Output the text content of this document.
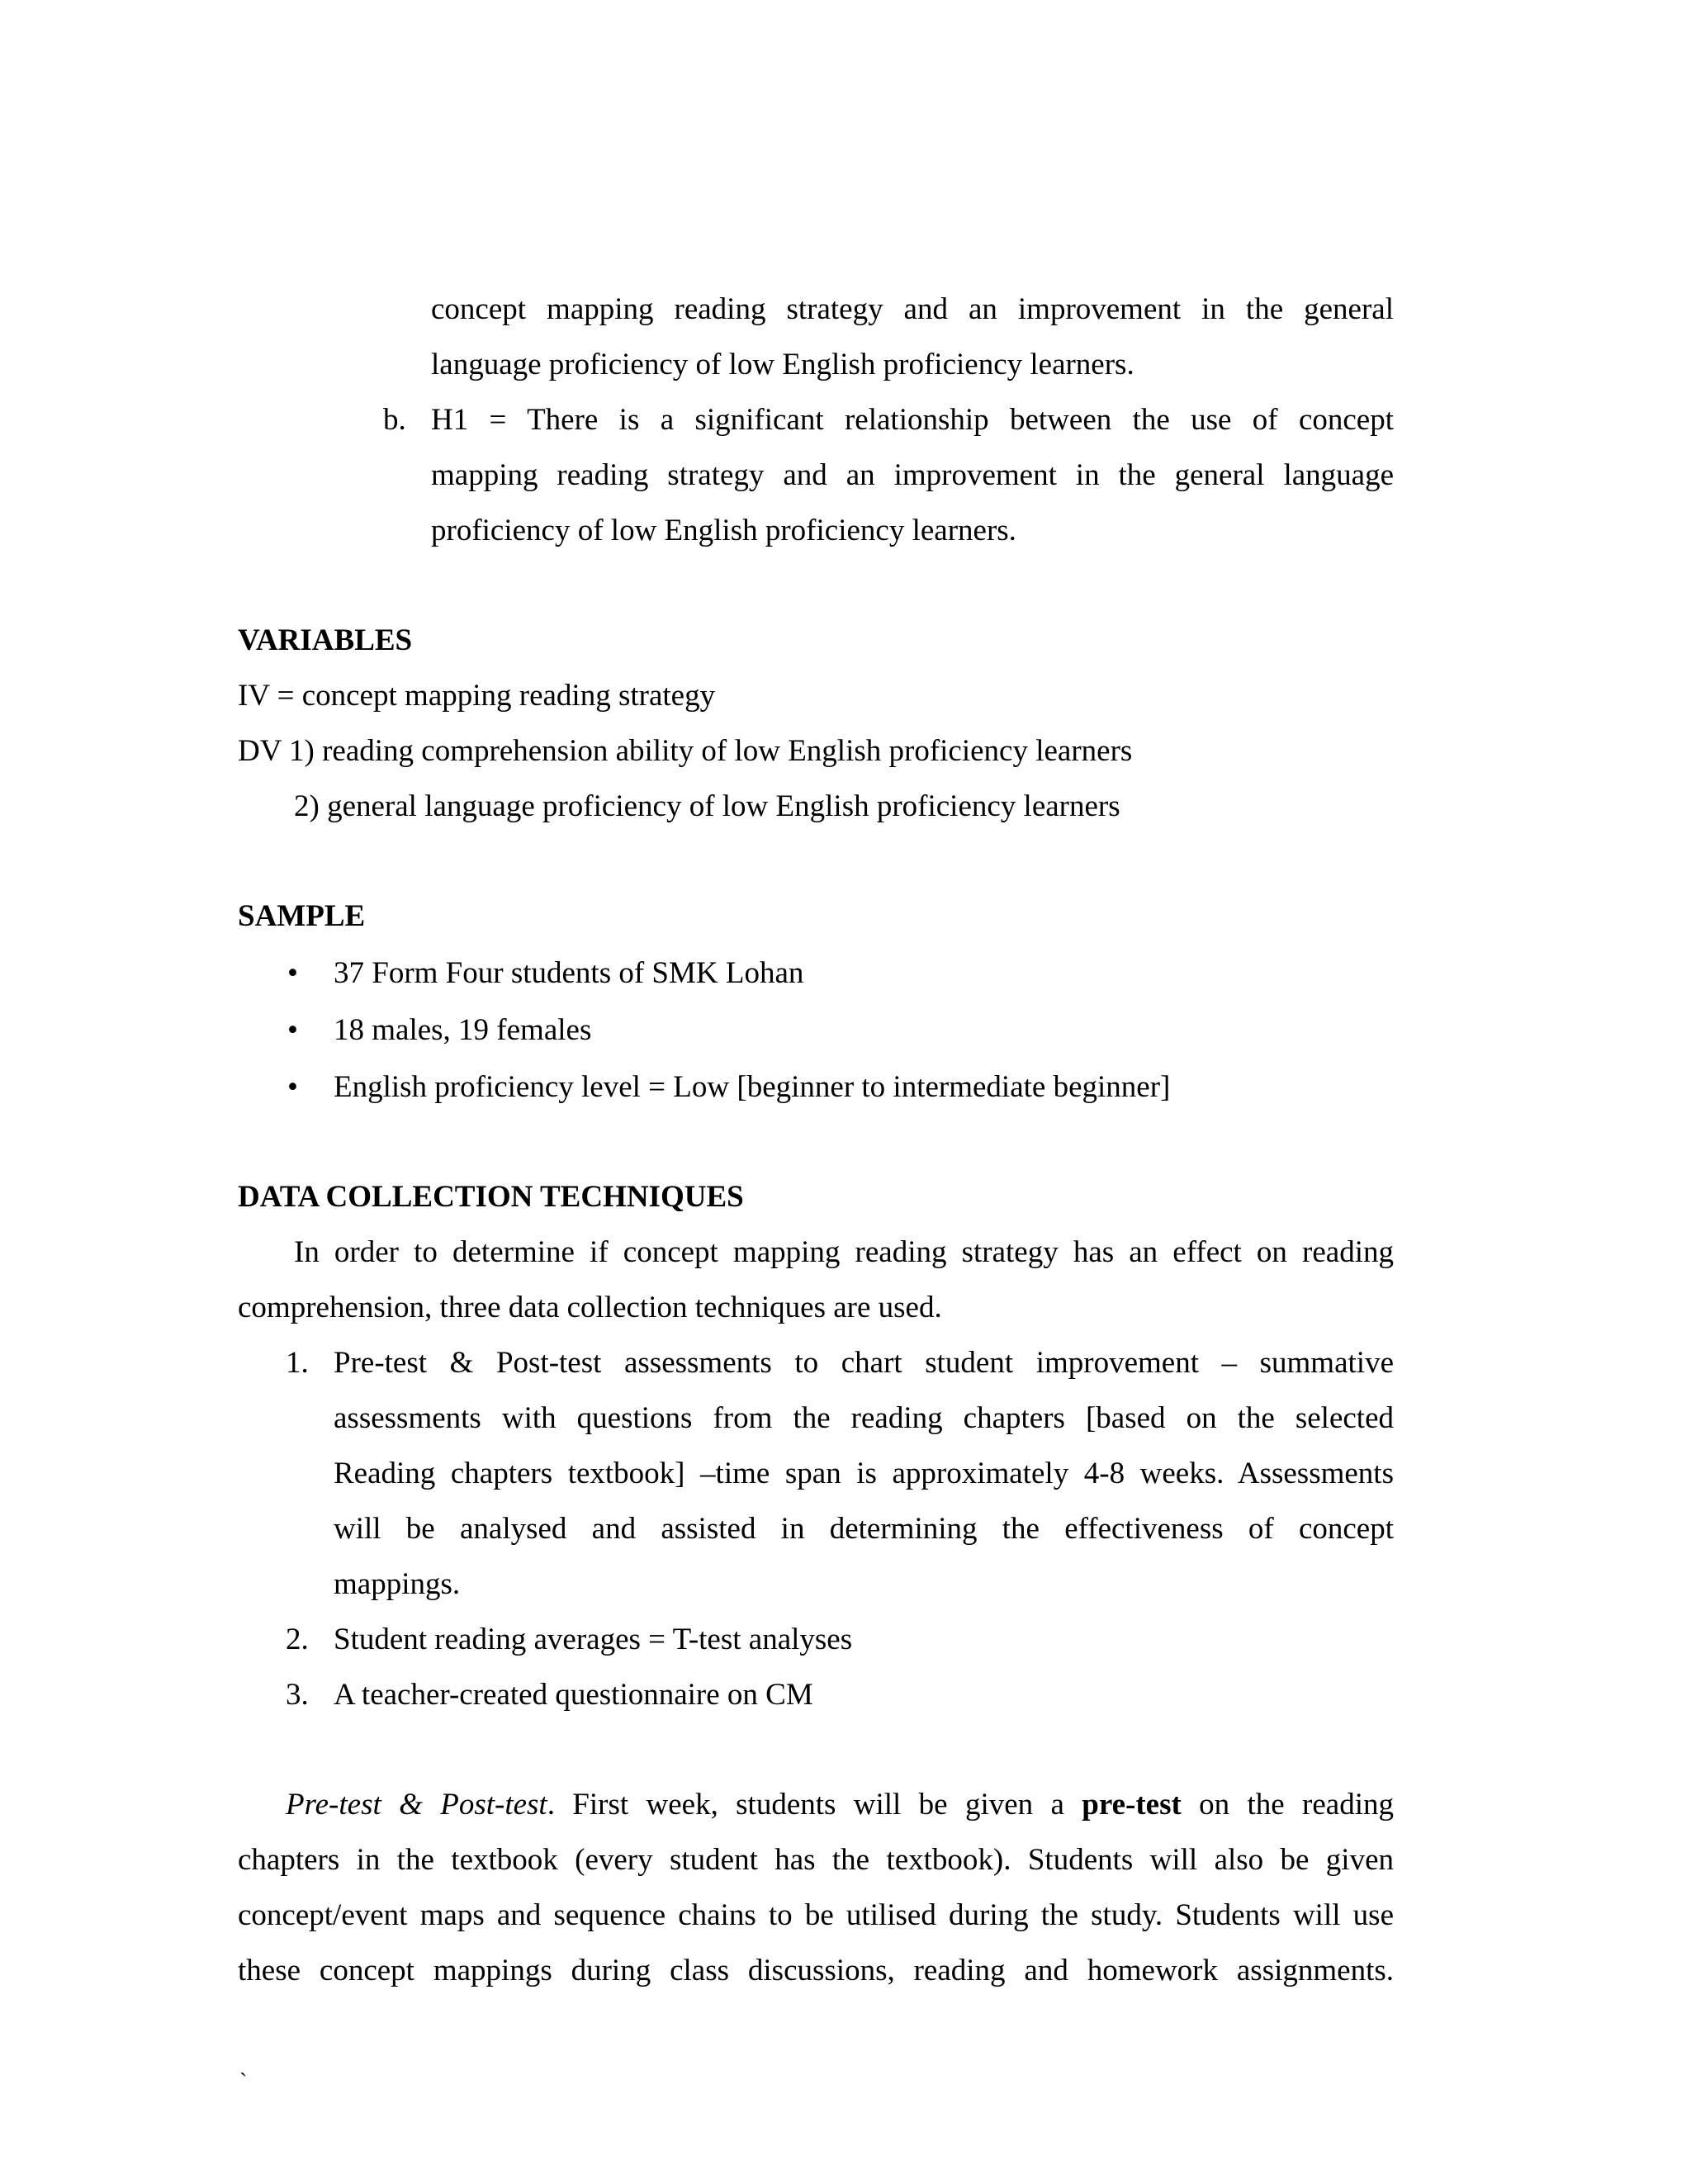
concept mapping reading strategy and an improvement in the general
language proficiency of low English proficiency learners.
b. H1 = There is a significant relationship between the use of concept
mapping reading strategy and an improvement in the general language
proficiency of low English proficiency learners.
VARIABLES
IV = concept mapping reading strategy
DV 1) reading comprehension ability of low English proficiency learners
2) general language proficiency of low English proficiency learners
SAMPLE
• 37 Form Four students of SMK Lohan
• 18 males, 19 females
• English proficiency level = Low [beginner to intermediate beginner]
DATA COLLECTION TECHNIQUES
In order to determine if concept mapping reading strategy has an effect on reading
comprehension, three data collection techniques are used.
1. Pre-test & Post-test assessments to chart student improvement – summative
assessments with questions from the reading chapters [based on the selected
Reading chapters textbook] –time span is approximately 4-8 weeks. Assessments
will be analysed and assisted in determining the effectiveness of concept
mappings.
2. Student reading averages = T-test analyses
3. A teacher-created questionnaire on CM
Pre-test & Post-test. First week, students will be given a pre-test on the reading
chapters in the textbook (every student has the textbook). Students will also be given
concept/event maps and sequence chains to be utilised during the study. Students will use
these concept mappings during class discussions, reading and homework assignments.
`
